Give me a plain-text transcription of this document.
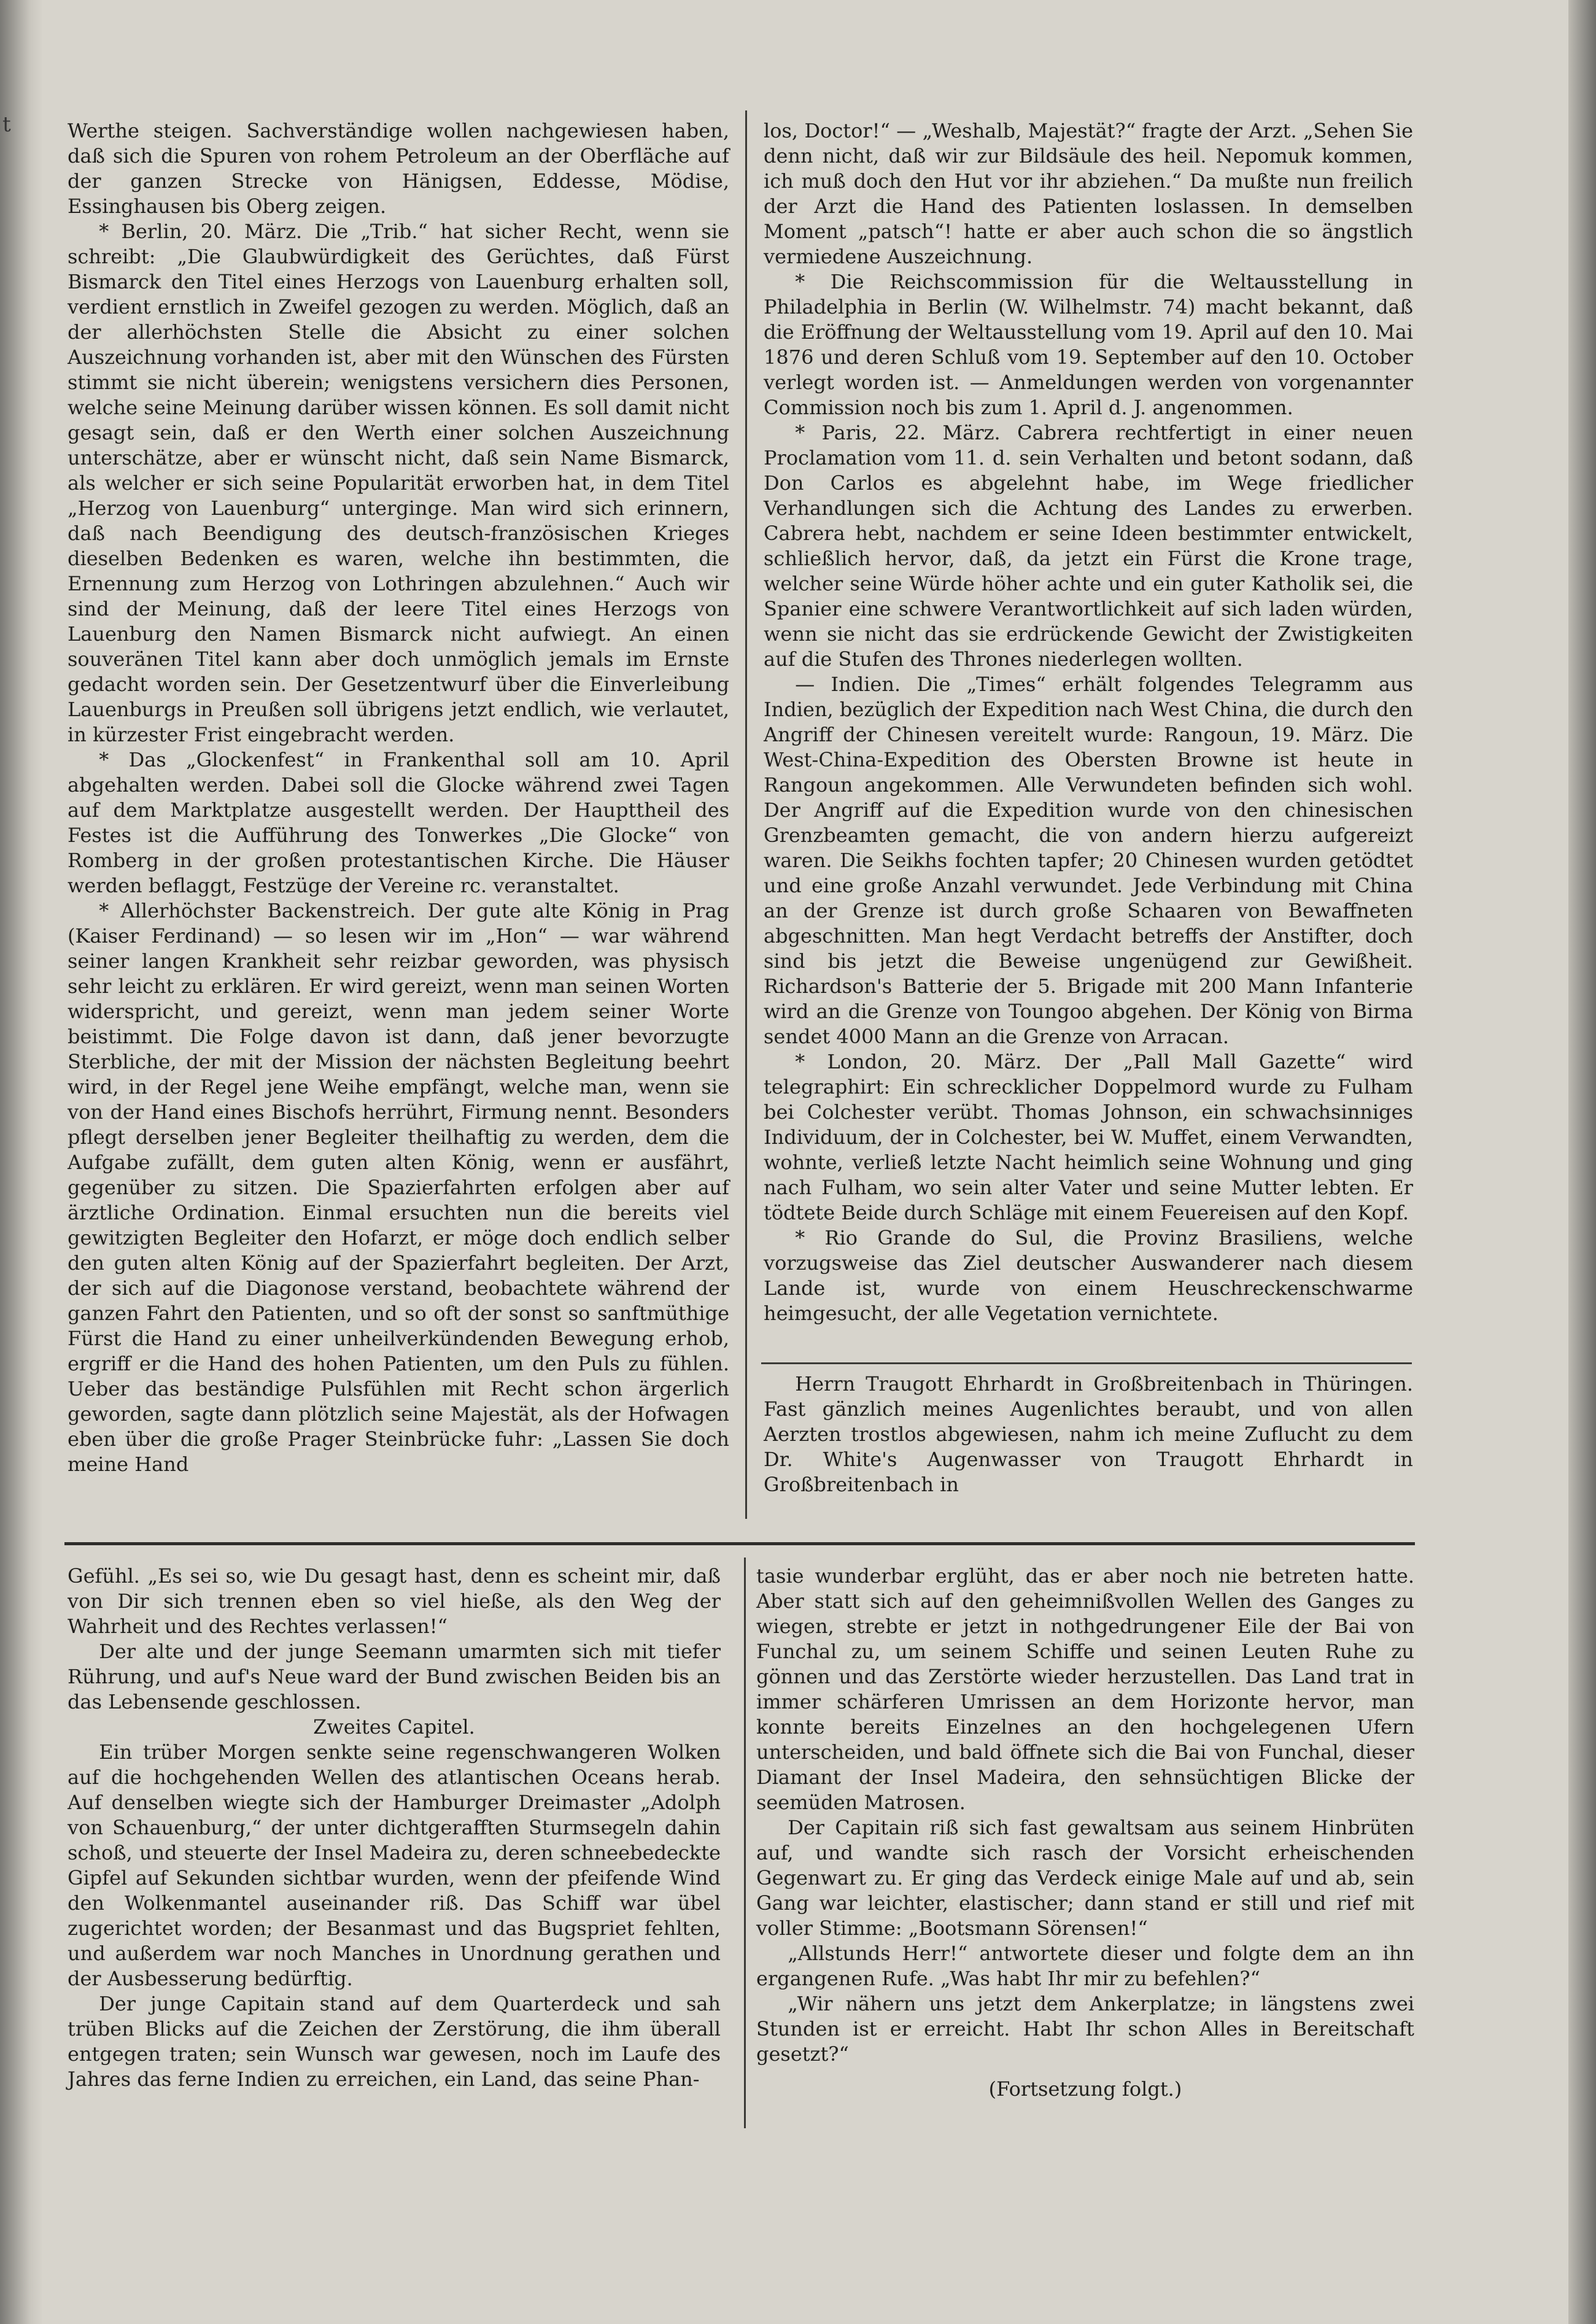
t	Werthe steigen. Sachverständige wollen nachgewiesen haben, daß sich die Spuren von rohem Petroleum an der Oberfläche auf der ganzen Strecke von Hänigsen, Eddesse, Mödise, Essinghausen bis Oberg zeigen.

* Berlin, 20. März. Die „Trib.“ hat sicher Recht, wenn sie schreibt: „Die Glaubwürdigkeit des Gerüchtes, daß Fürst Bismarck den Titel eines Herzogs von Lauenburg erhalten soll, verdient ernstlich in Zweifel gezogen zu werden. Möglich, daß an der allerhöchsten Stelle die Absicht zu einer solchen Auszeichnung vorhanden ist, aber mit den Wünschen des Fürsten stimmt sie nicht überein; wenigstens versichern dies Personen, welche seine Meinung darüber wissen können. Es soll damit nicht gesagt sein, daß er den Werth einer solchen Auszeichnung unterschätze, aber er wünscht nicht, daß sein Name Bismarck, als welcher er sich seine Popularität erworben hat, in dem Titel „Herzog von Lauenburg“ unterginge. Man wird sich erinnern, daß nach Beendigung des deutsch-französischen Krieges dieselben Bedenken es waren, welche ihn bestimmten, die Ernennung zum Herzog von Lothringen abzulehnen.“ Auch wir sind der Meinung, daß der leere Titel eines Herzogs von Lauenburg den Namen Bismarck nicht aufwiegt. An einen souveränen Titel kann aber doch unmöglich jemals im Ernste gedacht worden sein. Der Gesetzentwurf über die Einverleibung Lauenburgs in Preußen soll übrigens jetzt endlich, wie verlautet, in kürzester Frist eingebracht werden.

* Das „Glockenfest“ in Frankenthal soll am 10. April abgehalten werden. Dabei soll die Glocke während zwei Tagen auf dem Marktplatze ausgestellt werden. Der Haupttheil des Festes ist die Aufführung des Tonwerkes „Die Glocke“ von Romberg in der großen protestantischen Kirche. Die Häuser werden beflaggt, Festzüge der Vereine rc. veranstaltet.

* Allerhöchster Backenstreich. Der gute alte König in Prag (Kaiser Ferdinand) — so lesen wir im „Hon“ — war während seiner langen Krankheit sehr reizbar geworden, was physisch sehr leicht zu erklären. Er wird gereizt, wenn man seinen Worten widerspricht, und gereizt, wenn man jedem seiner Worte beistimmt. Die Folge davon ist dann, daß jener bevorzugte Sterbliche, der mit der Mission der nächsten Begleitung beehrt wird, in der Regel jene Weihe empfängt, welche man, wenn sie von der Hand eines Bischofs herrührt, Firmung nennt. Besonders pflegt derselben jener Begleiter theilhaftig zu werden, dem die Aufgabe zufällt, dem guten alten König, wenn er ausfährt, gegenüber zu sitzen. Die Spazierfahrten erfolgen aber auf ärztliche Ordination. Einmal ersuchten nun die bereits viel gewitzigten Begleiter den Hofarzt, er möge doch endlich selber den guten alten König auf der Spazierfahrt begleiten. Der Arzt, der sich auf die Diagonose verstand, beobachtete während der ganzen Fahrt den Patienten, und so oft der sonst so sanftmüthige Fürst die Hand zu einer unheilverkündenden Bewegung erhob, ergriff er die Hand des hohen Patienten, um den Puls zu fühlen. Ueber das beständige Pulsfühlen mit Recht schon ärgerlich geworden, sagte dann plötzlich seine Majestät, als der Hofwagen eben über die große Prager Steinbrücke fuhr: „Lassen Sie doch meine Hand

los, Doctor!“ — „Weshalb, Majestät?“ fragte der Arzt. „Sehen Sie denn nicht, daß wir zur Bildsäule des heil. Nepomuk kommen, ich muß doch den Hut vor ihr abziehen.“ Da mußte nun freilich der Arzt die Hand des Patienten loslassen. In demselben Moment „patsch“! hatte er aber auch schon die so ängstlich vermiedene Auszeichnung.

* Die Reichscommission für die Weltausstellung in Philadelphia in Berlin (W. Wilhelmstr. 74) macht bekannt, daß die Eröffnung der Weltausstellung vom 19. April auf den 10. Mai 1876 und deren Schluß vom 19. September auf den 10. October verlegt worden ist. — Anmeldungen werden von vorgenannter Commission noch bis zum 1. April d. J. angenommen.

* Paris, 22. März. Cabrera rechtfertigt in einer neuen Proclamation vom 11. d. sein Verhalten und betont sodann, daß Don Carlos es abgelehnt habe, im Wege friedlicher Verhandlungen sich die Achtung des Landes zu erwerben. Cabrera hebt, nachdem er seine Ideen bestimmter entwickelt, schließlich hervor, daß, da jetzt ein Fürst die Krone trage, welcher seine Würde höher achte und ein guter Katholik sei, die Spanier eine schwere Verantwortlichkeit auf sich laden würden, wenn sie nicht das sie erdrückende Gewicht der Zwistigkeiten auf die Stufen des Thrones niederlegen wollten.

— Indien. Die „Times“ erhält folgendes Telegramm aus Indien, bezüglich der Expedition nach West China, die durch den Angriff der Chinesen vereitelt wurde: Rangoun, 19. März. Die West-China-Expedition des Obersten Browne ist heute in Rangoun angekommen. Alle Verwundeten befinden sich wohl. Der Angriff auf die Expedition wurde von den chinesischen Grenzbeamten gemacht, die von andern hierzu aufgereizt waren. Die Seikhs fochten tapfer; 20 Chinesen wurden getödtet und eine große Anzahl verwundet. Jede Verbindung mit China an der Grenze ist durch große Schaaren von Bewaffneten abgeschnitten. Man hegt Verdacht betreffs der Anstifter, doch sind bis jetzt die Beweise ungenügend zur Gewißheit. Richardson's Batterie der 5. Brigade mit 200 Mann Infanterie wird an die Grenze von Toungoo abgehen. Der König von Birma sendet 4000 Mann an die Grenze von Arracan.

* London, 20. März. Der „Pall Mall Gazette“ wird telegraphirt: Ein schrecklicher Doppelmord wurde zu Fulham bei Colchester verübt. Thomas Johnson, ein schwachsinniges Individuum, der in Colchester, bei W. Muffet, einem Verwandten, wohnte, verließ letzte Nacht heimlich seine Wohnung und ging nach Fulham, wo sein alter Vater und seine Mutter lebten. Er tödtete Beide durch Schläge mit einem Feuereisen auf den Kopf.

* Rio Grande do Sul, die Provinz Brasiliens, welche vorzugsweise das Ziel deutscher Auswanderer nach diesem Lande ist, wurde von einem Heuschreckenschwarme heimgesucht, der alle Vegetation vernichtete.

Herrn Traugott Ehrhardt in Großbreitenbach in Thüringen. Fast gänzlich meines Augenlichtes beraubt, und von allen Aerzten trostlos abgewiesen, nahm ich meine Zuflucht zu dem Dr. White's Augenwasser von Traugott Ehrhardt in Großbreitenbach in

Gefühl. „Es sei so, wie Du gesagt hast, denn es scheint mir, daß von Dir sich trennen eben so viel hieße, als den Weg der Wahrheit und des Rechtes verlassen!“

Der alte und der junge Seemann umarmten sich mit tiefer Rührung, und auf's Neue ward der Bund zwischen Beiden bis an das Lebensende geschlossen.

Zweites Capitel.

Ein trüber Morgen senkte seine regenschwangeren Wolken auf die hochgehenden Wellen des atlantischen Oceans herab. Auf denselben wiegte sich der Hamburger Dreimaster „Adolph von Schauenburg,“ der unter dichtgerafften Sturmsegeln dahin schoß, und steuerte der Insel Madeira zu, deren schneebedeckte Gipfel auf Sekunden sichtbar wurden, wenn der pfeifende Wind den Wolkenmantel auseinander riß. Das Schiff war übel zugerichtet worden; der Besanmast und das Bugspriet fehlten, und außerdem war noch Manches in Unordnung gerathen und der Ausbesserung bedürftig.

Der junge Capitain stand auf dem Quarterdeck und sah trüben Blicks auf die Zeichen der Zerstörung, die ihm überall entgegen traten; sein Wunsch war gewesen, noch im Laufe des Jahres das ferne Indien zu erreichen, ein Land, das seine Phan-

tasie wunderbar erglüht, das er aber noch nie betreten hatte. Aber statt sich auf den geheimnißvollen Wellen des Ganges zu wiegen, strebte er jetzt in nothgedrungener Eile der Bai von Funchal zu, um seinem Schiffe und seinen Leuten Ruhe zu gönnen und das Zerstörte wieder herzustellen. Das Land trat in immer schärferen Umrissen an dem Horizonte hervor, man konnte bereits Einzelnes an den hochgelegenen Ufern unterscheiden, und bald öffnete sich die Bai von Funchal, dieser Diamant der Insel Madeira, den sehnsüchtigen Blicke der seemüden Matrosen.

Der Capitain riß sich fast gewaltsam aus seinem Hinbrüten auf, und wandte sich rasch der Vorsicht erheischenden Gegenwart zu. Er ging das Verdeck einige Male auf und ab, sein Gang war leichter, elastischer; dann stand er still und rief mit voller Stimme: „Bootsmann Sörensen!“

„Allstunds Herr!“ antwortete dieser und folgte dem an ihn ergangenen Rufe. „Was habt Ihr mir zu befehlen?“

„Wir nähern uns jetzt dem Ankerplatze; in längstens zwei Stunden ist er erreicht. Habt Ihr schon Alles in Bereitschaft gesetzt?“

(Fortsetzung folgt.)
